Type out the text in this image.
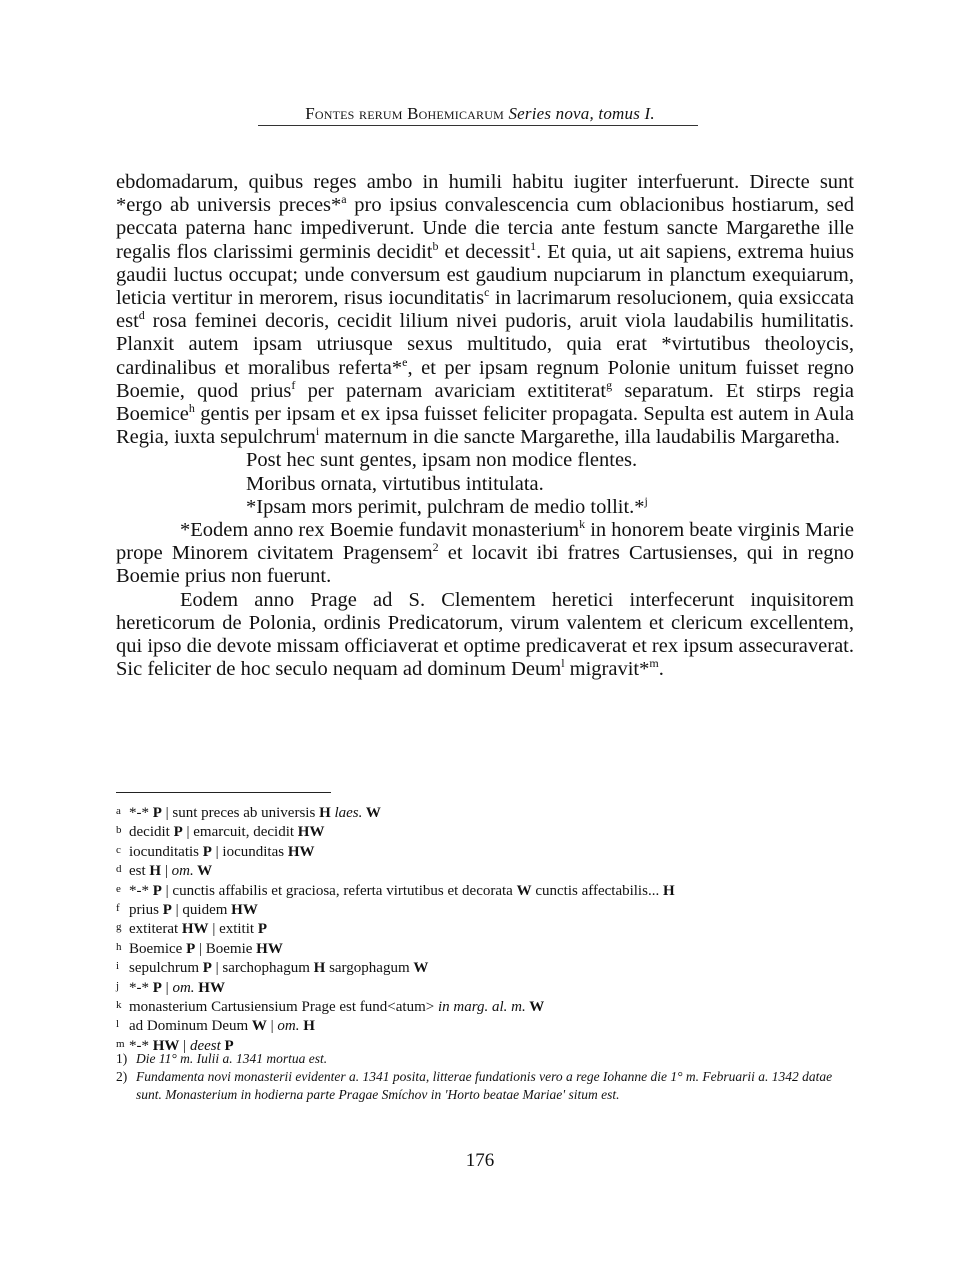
Fontes rerum Bohemicarum Series nova, tomus I.

ebdomadarum, quibus reges ambo in humili habitu iugiter interfuerunt. Directe sunt *ergo ab universis preces*$^a$ pro ipsius convalescencia cum oblacionibus hostiarum, sed peccata paterna hanc impediverunt. Unde die tercia ante festum sancte Margarethe ille regalis flos clarissimi germinis decidit$^b$ et decessit$^1$. Et quia, ut ait sapiens, extrema huius gaudii luctus occupat; unde conversum est gaudium nupciarum in planctum exequiarum, leticia vertitur in merorem, risus iocunditatis$^c$ in lacrimarum resolucionem, quia exsiccata est$^d$ rosa feminei decoris, cecidit lilium nivei pudoris, aruit viola laudabilis humilitatis. Planxit autem ipsam utriusque sexus multitudo, quia erat *virtutibus theoloycis, cardinalibus et moralibus referta*$^e$, et per ipsam regnum Polonie unitum fuisset regno Boemie, quod prius$^f$ per paternam avariciam extititerat$^g$ separatum. Et stirps regia Boemice$^h$ gentis per ipsam et ex ipsa fuisset feliciter propagata. Sepulta est autem in Aula Regia, iuxta sepulchrum$^i$ maternum in die sancte Margarethe, illa laudabilis Margaretha.

Post hec sunt gentes, ipsam non modice flentes.

Moribus ornata, virtutibus intitulata.

*Ipsam mors perimit, pulchram de medio tollit.*$^j$

*Eodem anno rex Boemie fundavit monasterium$^k$ in honorem beate virginis Marie prope Minorem civitatem Pragensem$^2$ et locavit ibi fratres Cartusienses, qui in regno Boemie prius non fuerunt.

Eodem anno Prage ad S. Clementem heretici interfecerunt inquisitorem hereticorum de Polonia, ordinis Predicatorum, virum valentem et clericum excellentem, qui ipso die devote missam officiaverat et optime predicaverat et rex ipsum assecuraverat. Sic feliciter de hoc seculo nequam ad dominum Deum$^l$ migravit*$^m$.

a *-* P | sunt preces ab universis H laes. W
b decidit P | emarcuit, decidit HW
c iocunditatis P | iocunditas HW
d est H | om. W
e *-* P | cunctis affabilis et graciosa, referta virtutibus et decorata W cunctis affectabilis... H
f prius P | quidem HW
g extiterat HW | extitit P
h Boemice P | Boemie HW
i sepulchrum P | sarchophagum H sargophagum W
j *-* P | om. HW
k monasterium Cartusiensium Prage est fund<atum> in marg. al. m. W
l ad Dominum Deum W | om. H
m *-* HW | deest P
1) Die 11° m. Iulii a. 1341 mortua est.
2) Fundamenta novi monasterii evidenter a. 1341 posita, litterae fundationis vero a rege Iohanne die 1° m. Februarii a. 1342 datae sunt. Monasterium in hodierna parte Pragae Smíchov in 'Horto beatae Mariae' situm est.
176
